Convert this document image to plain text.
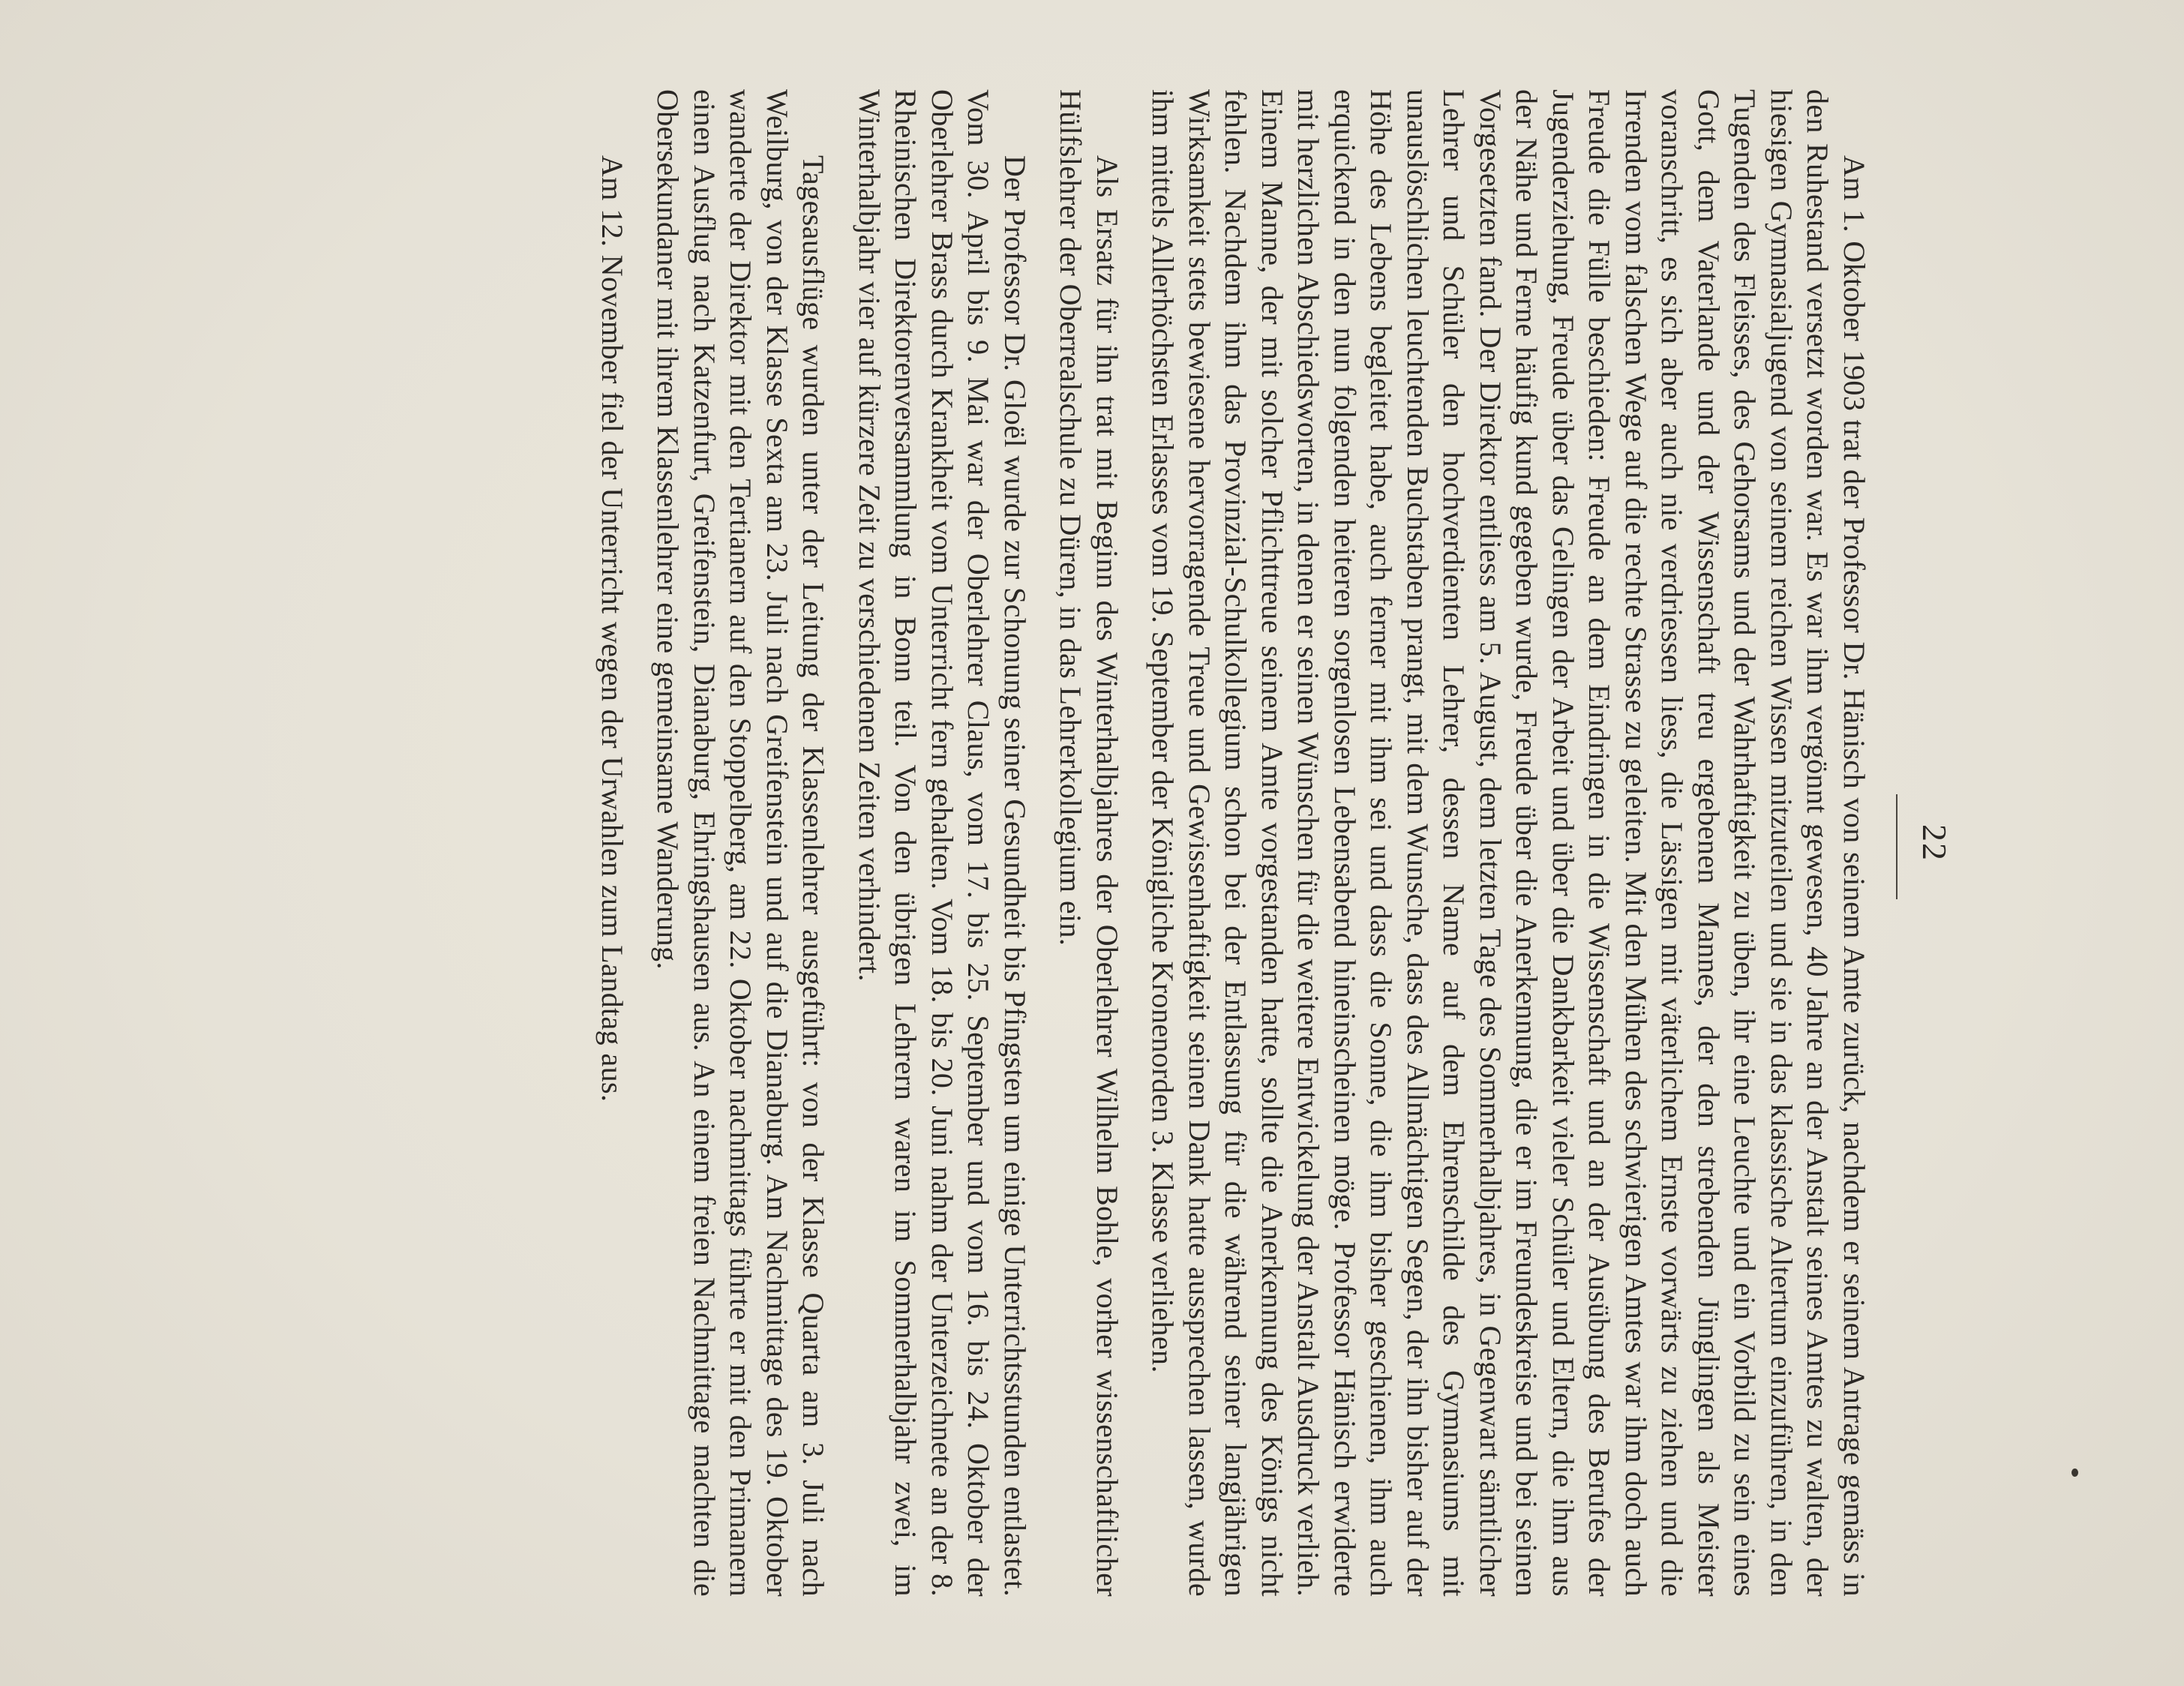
22

Am 1. Oktober 1903 trat der Professor Dr. Hänisch von seinem Amte zurück, nachdem er seinem Antrage gemäss in den Ruhestand versetzt worden war. Es war ihm vergönnt gewesen, 40 Jahre an der Anstalt seines Amtes zu walten, der hiesigen Gymnasialjugend von seinem reichen Wissen mitzuteilen und sie in das klassische Altertum einzuführen, in den Tugenden des Fleisses, des Gehorsams und der Wahrhaftigkeit zu üben, ihr eine Leuchte und ein Vorbild zu sein eines Gott, dem Vaterlande und der Wissenschaft treu ergebenen Mannes, der den strebenden Jünglingen als Meister voranschritt, es sich aber auch nie verdriessen liess, die Lässigen mit väterlichem Ernste vorwärts zu ziehen und die Irrenden vom falschen Wege auf die rechte Strasse zu geleiten. Mit den Mühen des schwierigen Amtes war ihm doch auch Freude die Fülle beschieden: Freude an dem Eindringen in die Wissenschaft und an der Ausübung des Berufes der Jugenderziehung, Freude über das Gelingen der Arbeit und über die Dankbarkeit vieler Schüler und Eltern, die ihm aus der Nähe und Ferne häufig kund gegeben wurde, Freude über die Anerkennung, die er im Freundeskreise und bei seinen Vorgesetzten fand. Der Direktor entliess am 5. August, dem letzten Tage des Sommerhalbjahres, in Gegenwart sämtlicher Lehrer und Schüler den hochverdienten Lehrer, dessen Name auf dem Ehrenschilde des Gymnasiums mit unauslöschlichen leuchtenden Buchstaben prangt, mit dem Wunsche, dass des Allmächtigen Segen, der ihn bisher auf der Höhe des Lebens begleitet habe, auch ferner mit ihm sei und dass die Sonne, die ihm bisher geschienen, ihm auch erquickend in den nun folgenden heiteren sorgenlosen Lebensabend hineinscheinen möge. Professor Hänisch erwiderte mit herzlichen Abschiedsworten, in denen er seinen Wünschen für die weitere Entwickelung der Anstalt Ausdruck verlieh. Einem Manne, der mit solcher Pflichttreue seinem Amte vorgestanden hatte, sollte die Anerkennung des Königs nicht fehlen. Nachdem ihm das Provinzial-Schulkollegium schon bei der Entlassung für die während seiner langjährigen Wirksamkeit stets bewiesene hervorragende Treue und Gewissenhaftigkeit seinen Dank hatte aussprechen lassen, wurde ihm mittels Allerhöchsten Erlasses vom 19. September der Königliche Kronenorden 3. Klasse verliehen.

Als Ersatz für ihn trat mit Beginn des Winterhalbjahres der Oberlehrer Wilhelm Bohle, vorher wissenschaftlicher Hülfslehrer der Oberrealschule zu Düren, in das Lehrerkollegium ein.

Der Professor Dr. Gloël wurde zur Schonung seiner Gesundheit bis Pfingsten um einige Unterrichtsstunden entlastet. Vom 30. April bis 9. Mai war der Oberlehrer Claus, vom 17. bis 25. September und vom 16. bis 24. Oktober der Oberlehrer Brass durch Krankheit vom Unterricht fern gehalten. Vom 18. bis 20. Juni nahm der Unterzeichnete an der 8. Rheinischen Direktorenversammlung in Bonn teil. Von den übrigen Lehrern waren im Sommerhalbjahr zwei, im Winterhalbjahr vier auf kürzere Zeit zu verschiedenen Zeiten verhindert.

Tagesausflüge wurden unter der Leitung der Klassenlehrer ausgeführt: von der Klasse Quarta am 3. Juli nach Weilburg, von der Klasse Sexta am 23. Juli nach Greifenstein und auf die Dianaburg. Am Nachmittage des 19. Oktober wanderte der Direktor mit den Tertianern auf den Stoppelberg, am 22. Oktober nachmittags führte er mit den Primanern einen Ausflug nach Katzenfurt, Greifenstein, Dianaburg, Ehringshausen aus. An einem freien Nachmittage machten die Obersekundaner mit ihrem Klassenlehrer eine gemeinsame Wanderung.

Am 12. November fiel der Unterricht wegen der Urwahlen zum Landtag aus.
